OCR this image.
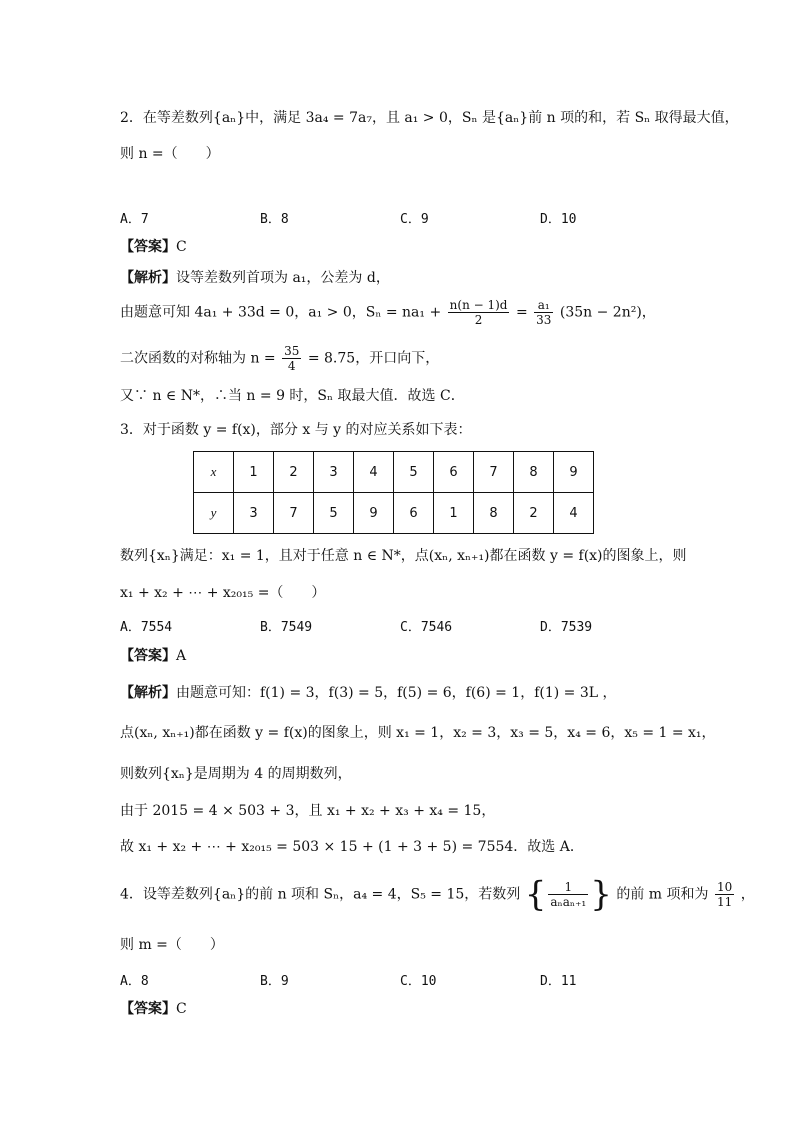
2．在等差数列{aₙ}中，满足 3a₄ = 7a₇，且 a₁ > 0，Sₙ 是{aₙ}前 n 项的和，若 Sₙ 取得最大值，
则 n =（　　）
A．7	B．8	C．9	D．10
【答案】C
【解析】设等差数列首项为 a₁，公差为 d，
由题意可知 4a₁ + 33d = 0，a₁ > 0，$S_n = na_1 + \frac{n(n - 1)d}{2} = \frac{\text{a₁}}{33} (35n - 2n^2)$，
二次函数的对称轴为 $n = \frac{35}{4} = 8.75$，开口向下，
又∵ n ∈ N*，∴当 n = 9 时，Sₙ 取最大值．故选 C．
3．对于函数 y = f(x)，部分 x 与 y 的对应关系如下表：
x	1	2	3	4	5	6	7	8	9
y	3	7	5	9	6	1	8	2	4
数列{xₙ}满足：x₁ = 1，且对于任意 n ∈ N*，点(xₙ, xₙ₊₁)都在函数 y = f(x)的图象上，则
x₁ + x₂ + ⋯ + x₂₀₁₅ =（　　）
A．7554	B．7549	C．7546	D．7539
【答案】A
【解析】由题意可知：f(1) = 3，f(3) = 5，f(5) = 6，f(6) = 1，f(1) = 3L ，
点(xₙ, xₙ₊₁)都在函数 y = f(x)的图象上，则 x₁ = 1，x₂ = 3，x₃ = 5，x₄ = 6，x₅ = 1 = x₁，
则数列{xₙ}是周期为 4 的周期数列，
由于 2015 = 4 × 503 + 3，且 x₁ + x₂ + x₃ + x₄ = 15，
故 x₁ + x₂ + ⋯ + x₂₀₁₅ = 503 × 15 + (1 + 3 + 5) = 7554．故选 A．
4．设等差数列{aₙ}的前 n 项和 Sₙ，a₄ = 4，S₅ = 15，若数列 { $\frac{1}{\text{aₙaₙ₊₁}}$ } 的前 m 项和为 $\frac{10}{11}$ ，
则 m =（　　）
A．8	B．9	C．10	D．11
【答案】C
